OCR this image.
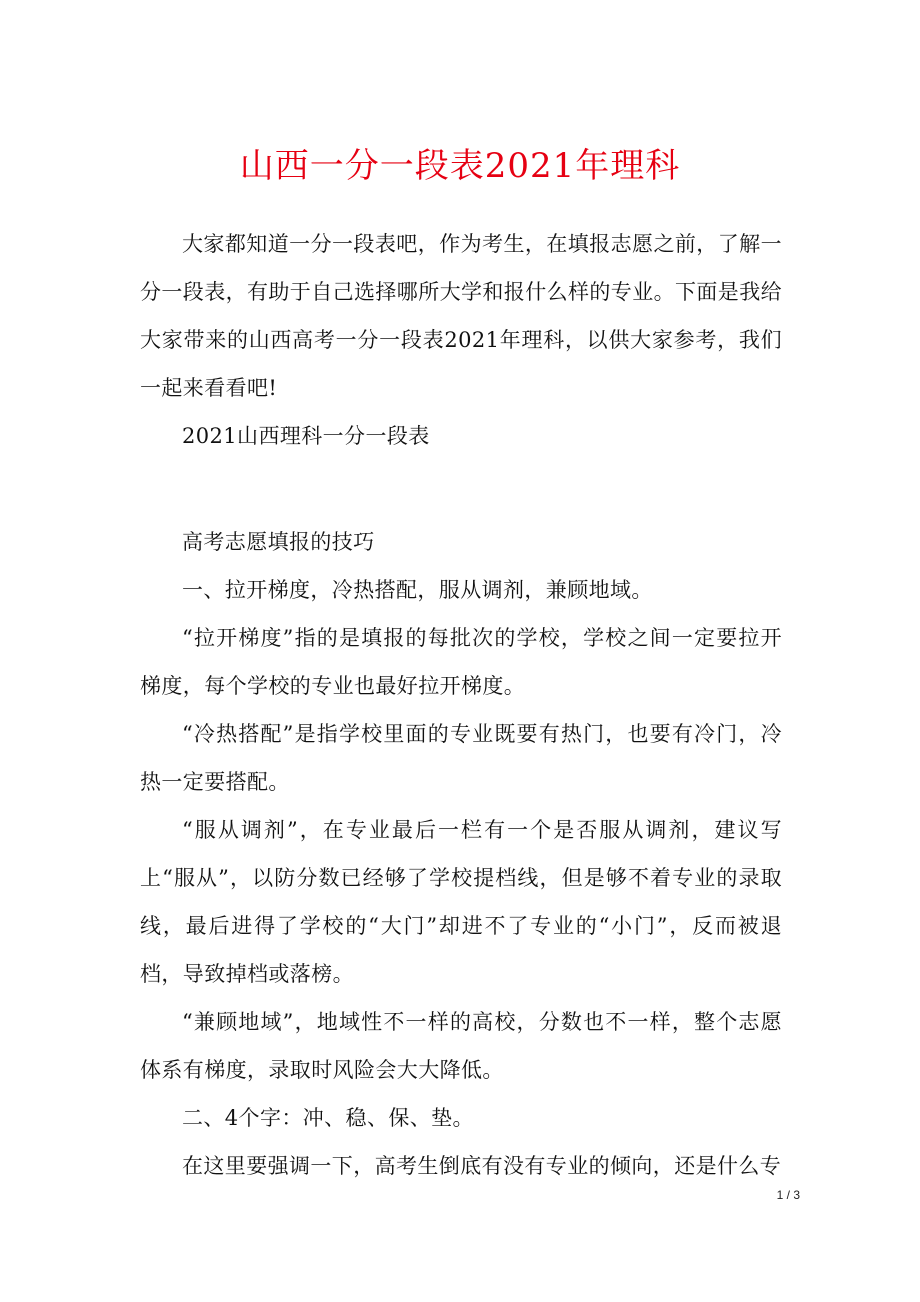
山西一分一段表2021年理科

大家都知道一分一段表吧，作为考生，在填报志愿之前，了解一分一段表，有助于自己选择哪所大学和报什么样的专业。下面是我给大家带来的山西高考一分一段表2021年理科，以供大家参考，我们一起来看看吧!

2021山西理科一分一段表

高考志愿填报的技巧

一、拉开梯度，冷热搭配，服从调剂，兼顾地域。

“拉开梯度”指的是填报的每批次的学校，学校之间一定要拉开梯度，每个学校的专业也最好拉开梯度。

“冷热搭配”是指学校里面的专业既要有热门，也要有冷门，冷热一定要搭配。

“服从调剂”，在专业最后一栏有一个是否服从调剂，建议写上“服从”，以防分数已经够了学校提档线，但是够不着专业的录取线，最后进得了学校的“大门”却进不了专业的“小门”，反而被退档，导致掉档或落榜。

“兼顾地域”，地域性不一样的高校，分数也不一样，整个志愿体系有梯度，录取时风险会大大降低。

二、4个字：冲、稳、保、垫。

在这里要强调一下，高考生倒底有没有专业的倾向，还是什么专

1 / 3
